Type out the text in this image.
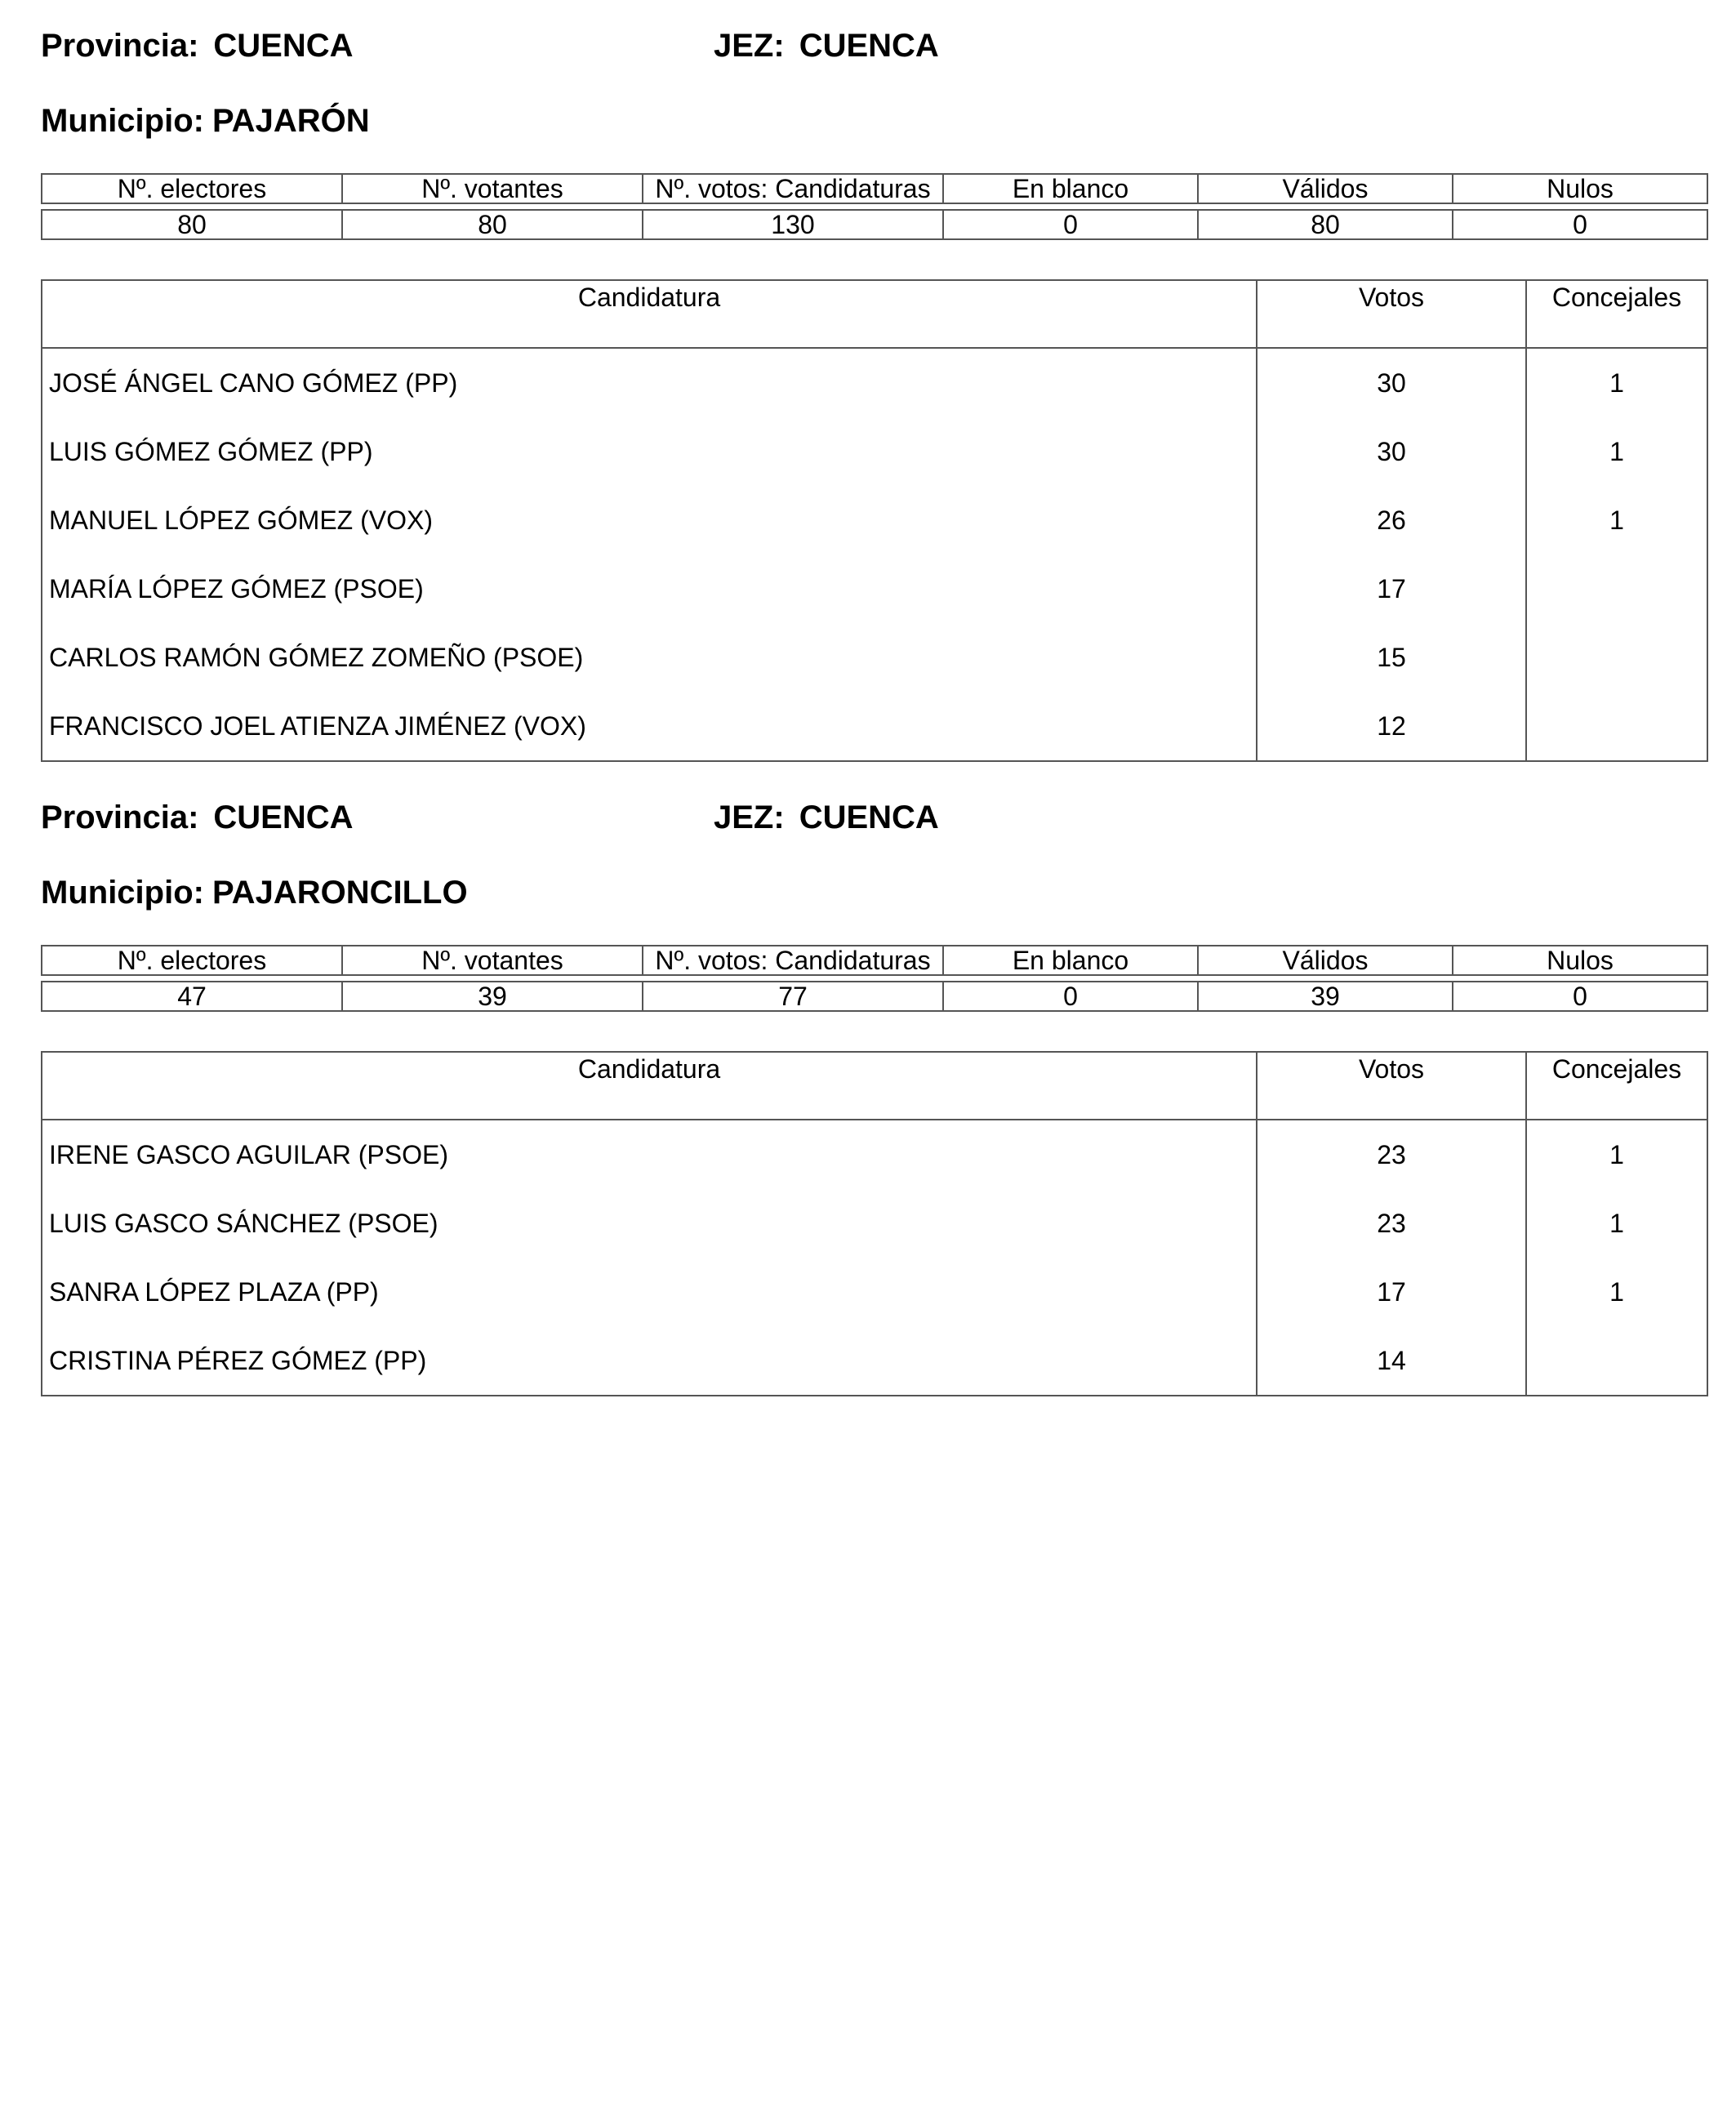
Provincia: CUENCA	JEZ: CUENCA
Municipio: PAJARÓN
Nº. electores	Nº. votantes	Nº. votos: Candidaturas	En blanco	Válidos	Nulos

80	80	130	0	80	0
Candidatura	Votos	Concejales
JOSÉ ÁNGEL CANO GÓMEZ (PP)	30	1
LUIS GÓMEZ GÓMEZ (PP)	30	1
MANUEL LÓPEZ GÓMEZ (VOX)	26	1
MARÍA LÓPEZ GÓMEZ (PSOE)	17	
CARLOS RAMÓN GÓMEZ ZOMEÑO (PSOE)	15	
FRANCISCO JOEL ATIENZA JIMÉNEZ (VOX)	12	
Provincia: CUENCA	JEZ: CUENCA
Municipio: PAJARONCILLO
Nº. electores	Nº. votantes	Nº. votos: Candidaturas	En blanco	Válidos	Nulos

47	39	77	0	39	0
Candidatura	Votos	Concejales
IRENE GASCO AGUILAR (PSOE)	23	1
LUIS GASCO SÁNCHEZ (PSOE)	23	1
SANRA LÓPEZ PLAZA (PP)	17	1
CRISTINA PÉREZ GÓMEZ (PP)	14	
